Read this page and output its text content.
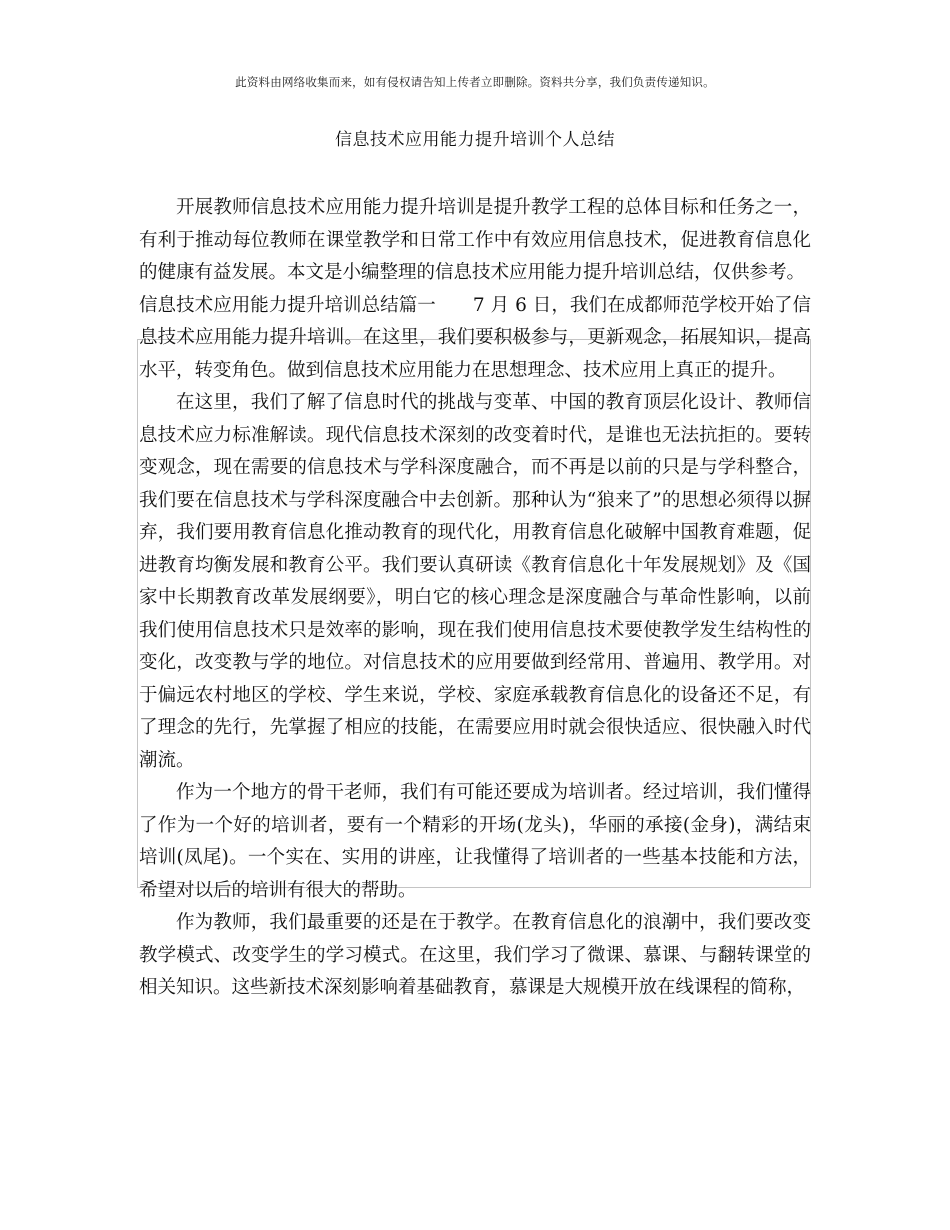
此资料由网络收集而来，如有侵权请告知上传者立即删除。资料共分享，我们负责传递知识。
信息技术应用能力提升培训个人总结

开展教师信息技术应用能力提升培训是提升教学工程的总体目标和任务之一，有利于推动每位教师在课堂教学和日常工作中有效应用信息技术，促进教育信息化的健康有益发展。本文是小编整理的信息技术应用能力提升培训总结，仅供参考。

信息技术应用能力提升培训总结篇一　　7 月 6 日，我们在成都师范学校开始了信息技术应用能力提升培训。在这里，我们要积极参与，更新观念，拓展知识，提高水平，转变角色。做到信息技术应用能力在思想理念、技术应用上真正的提升。

在这里，我们了解了信息时代的挑战与变革、中国的教育顶层化设计、教师信息技术应力标准解读。现代信息技术深刻的改变着时代，是谁也无法抗拒的。要转变观念，现在需要的信息技术与学科深度融合，而不再是以前的只是与学科整合，我们要在信息技术与学科深度融合中去创新。那种认为“狼来了”的思想必须得以摒弃，我们要用教育信息化推动教育的现代化，用教育信息化破解中国教育难题，促进教育均衡发展和教育公平。我们要认真研读《教育信息化十年发展规划》及《国家中长期教育改革发展纲要》，明白它的核心理念是深度融合与革命性影响，以前我们使用信息技术只是效率的影响，现在我们使用信息技术要使教学发生结构性的变化，改变教与学的地位。对信息技术的应用要做到经常用、普遍用、教学用。对于偏远农村地区的学校、学生来说，学校、家庭承载教育信息化的设备还不足，有了理念的先行，先掌握了相应的技能，在需要应用时就会很快适应、很快融入时代潮流。

作为一个地方的骨干老师，我们有可能还要成为培训者。经过培训，我们懂得了作为一个好的培训者，要有一个精彩的开场(龙头)，华丽的承接(金身)，满结束培训(凤尾)。一个实在、实用的讲座，让我懂得了培训者的一些基本技能和方法，希望对以后的培训有很大的帮助。

作为教师，我们最重要的还是在于教学。在教育信息化的浪潮中，我们要改变教学模式、改变学生的学习模式。在这里，我们学习了微课、慕课、与翻转课堂的相关知识。这些新技术深刻影响着基础教育，慕课是大规模开放在线课程的简称，
